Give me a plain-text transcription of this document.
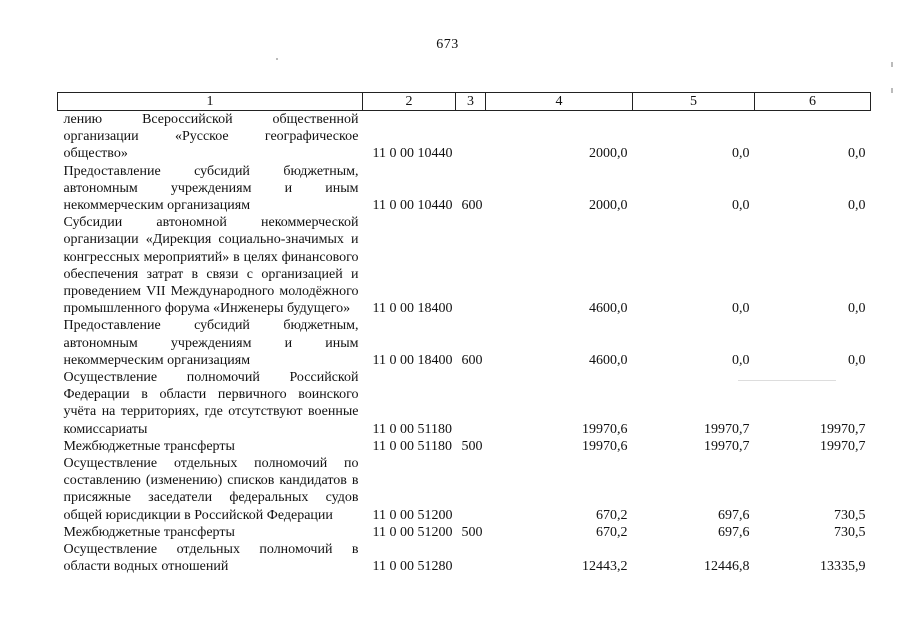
673
1	2	3	4	5	6
лению Всероссийской общественной организации «Русское географическое общество»	11 0 00 10440		2000,0	0,0	0,0
Предоставление субсидий бюджетным, автономным учреждениям и иным некоммерческим организациям	11 0 00 10440	600	2000,0	0,0	0,0
Субсидии автономной некоммерческой организации «Дирекция социально-значимых и конгрессных мероприятий» в целях финансового обеспечения затрат в связи с организацией и проведением VII Международного молодёжного промышленного форума «Инженеры будущего»	11 0 00 18400		4600,0	0,0	0,0
Предоставление субсидий бюджетным, автономным учреждениям и иным некоммерческим организациям	11 0 00 18400	600	4600,0	0,0	0,0
Осуществление полномочий Российской Федерации в области первичного воинского учёта на территориях, где отсутствуют военные комиссариаты	11 0 00 51180		19970,6	19970,7	19970,7
Межбюджетные трансферты	11 0 00 51180	500	19970,6	19970,7	19970,7
Осуществление отдельных полномочий по составлению (изменению) списков кандидатов в присяжные заседатели федеральных судов общей юрисдикции в Российской Федерации	11 0 00 51200		670,2	697,6	730,5
Межбюджетные трансферты	11 0 00 51200	500	670,2	697,6	730,5
Осуществление отдельных полномочий в области водных отношений	11 0 00 51280		12443,2	12446,8	13335,9
